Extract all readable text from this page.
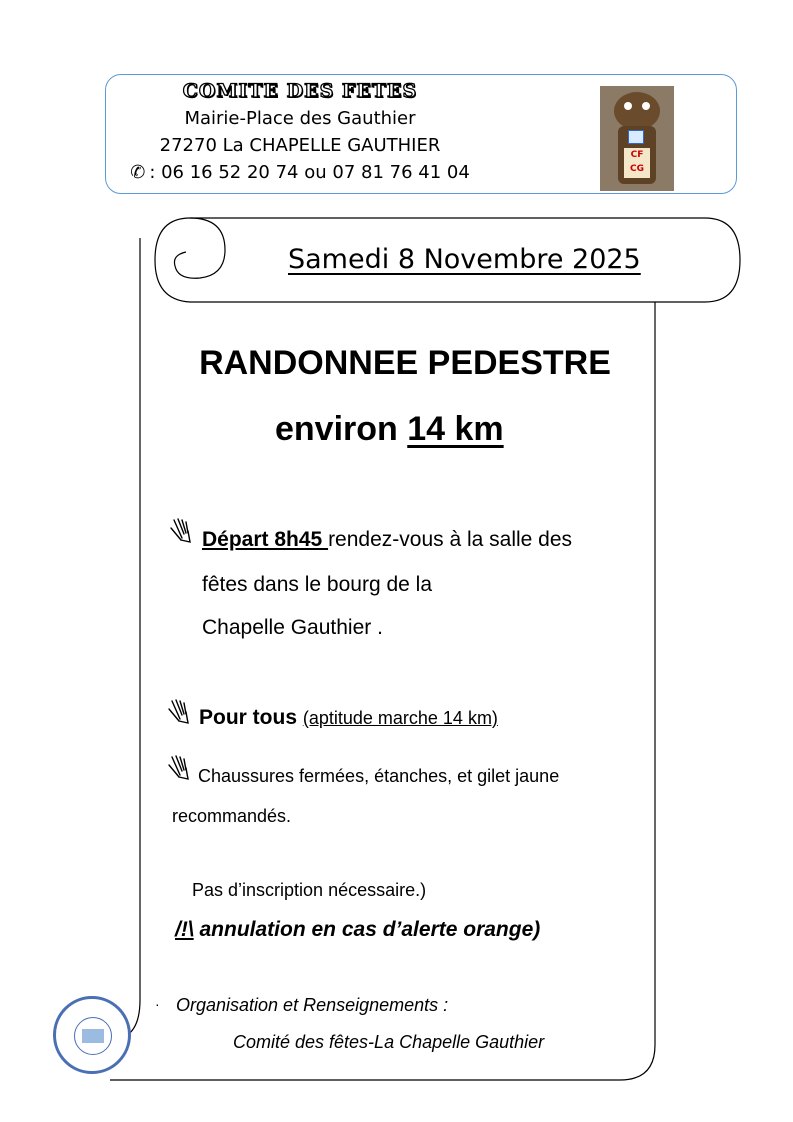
COMITE DES FETES
Mairie-Place des Gauthier
27270 La CHAPELLE GAUTHIER
✆ : 06 16 52 20 74 ou 07 81 76 41 04
CF CG
Samedi 8 Novembre 2025
RANDONNEE PEDESTRE
environ 14 km
Départ 8h45 rendez-vous à la salle des
fêtes dans le bourg de la
Chapelle Gauthier .
Pour tous (aptitude marche 14 km)
Chaussures fermées, étanches, et gilet jaune
recommandés.
Pas d’inscription nécessaire.)
/!\ annulation en cas d’alerte orange)
· Organisation et Renseignements :
Comité des fêtes-La Chapelle Gauthier
